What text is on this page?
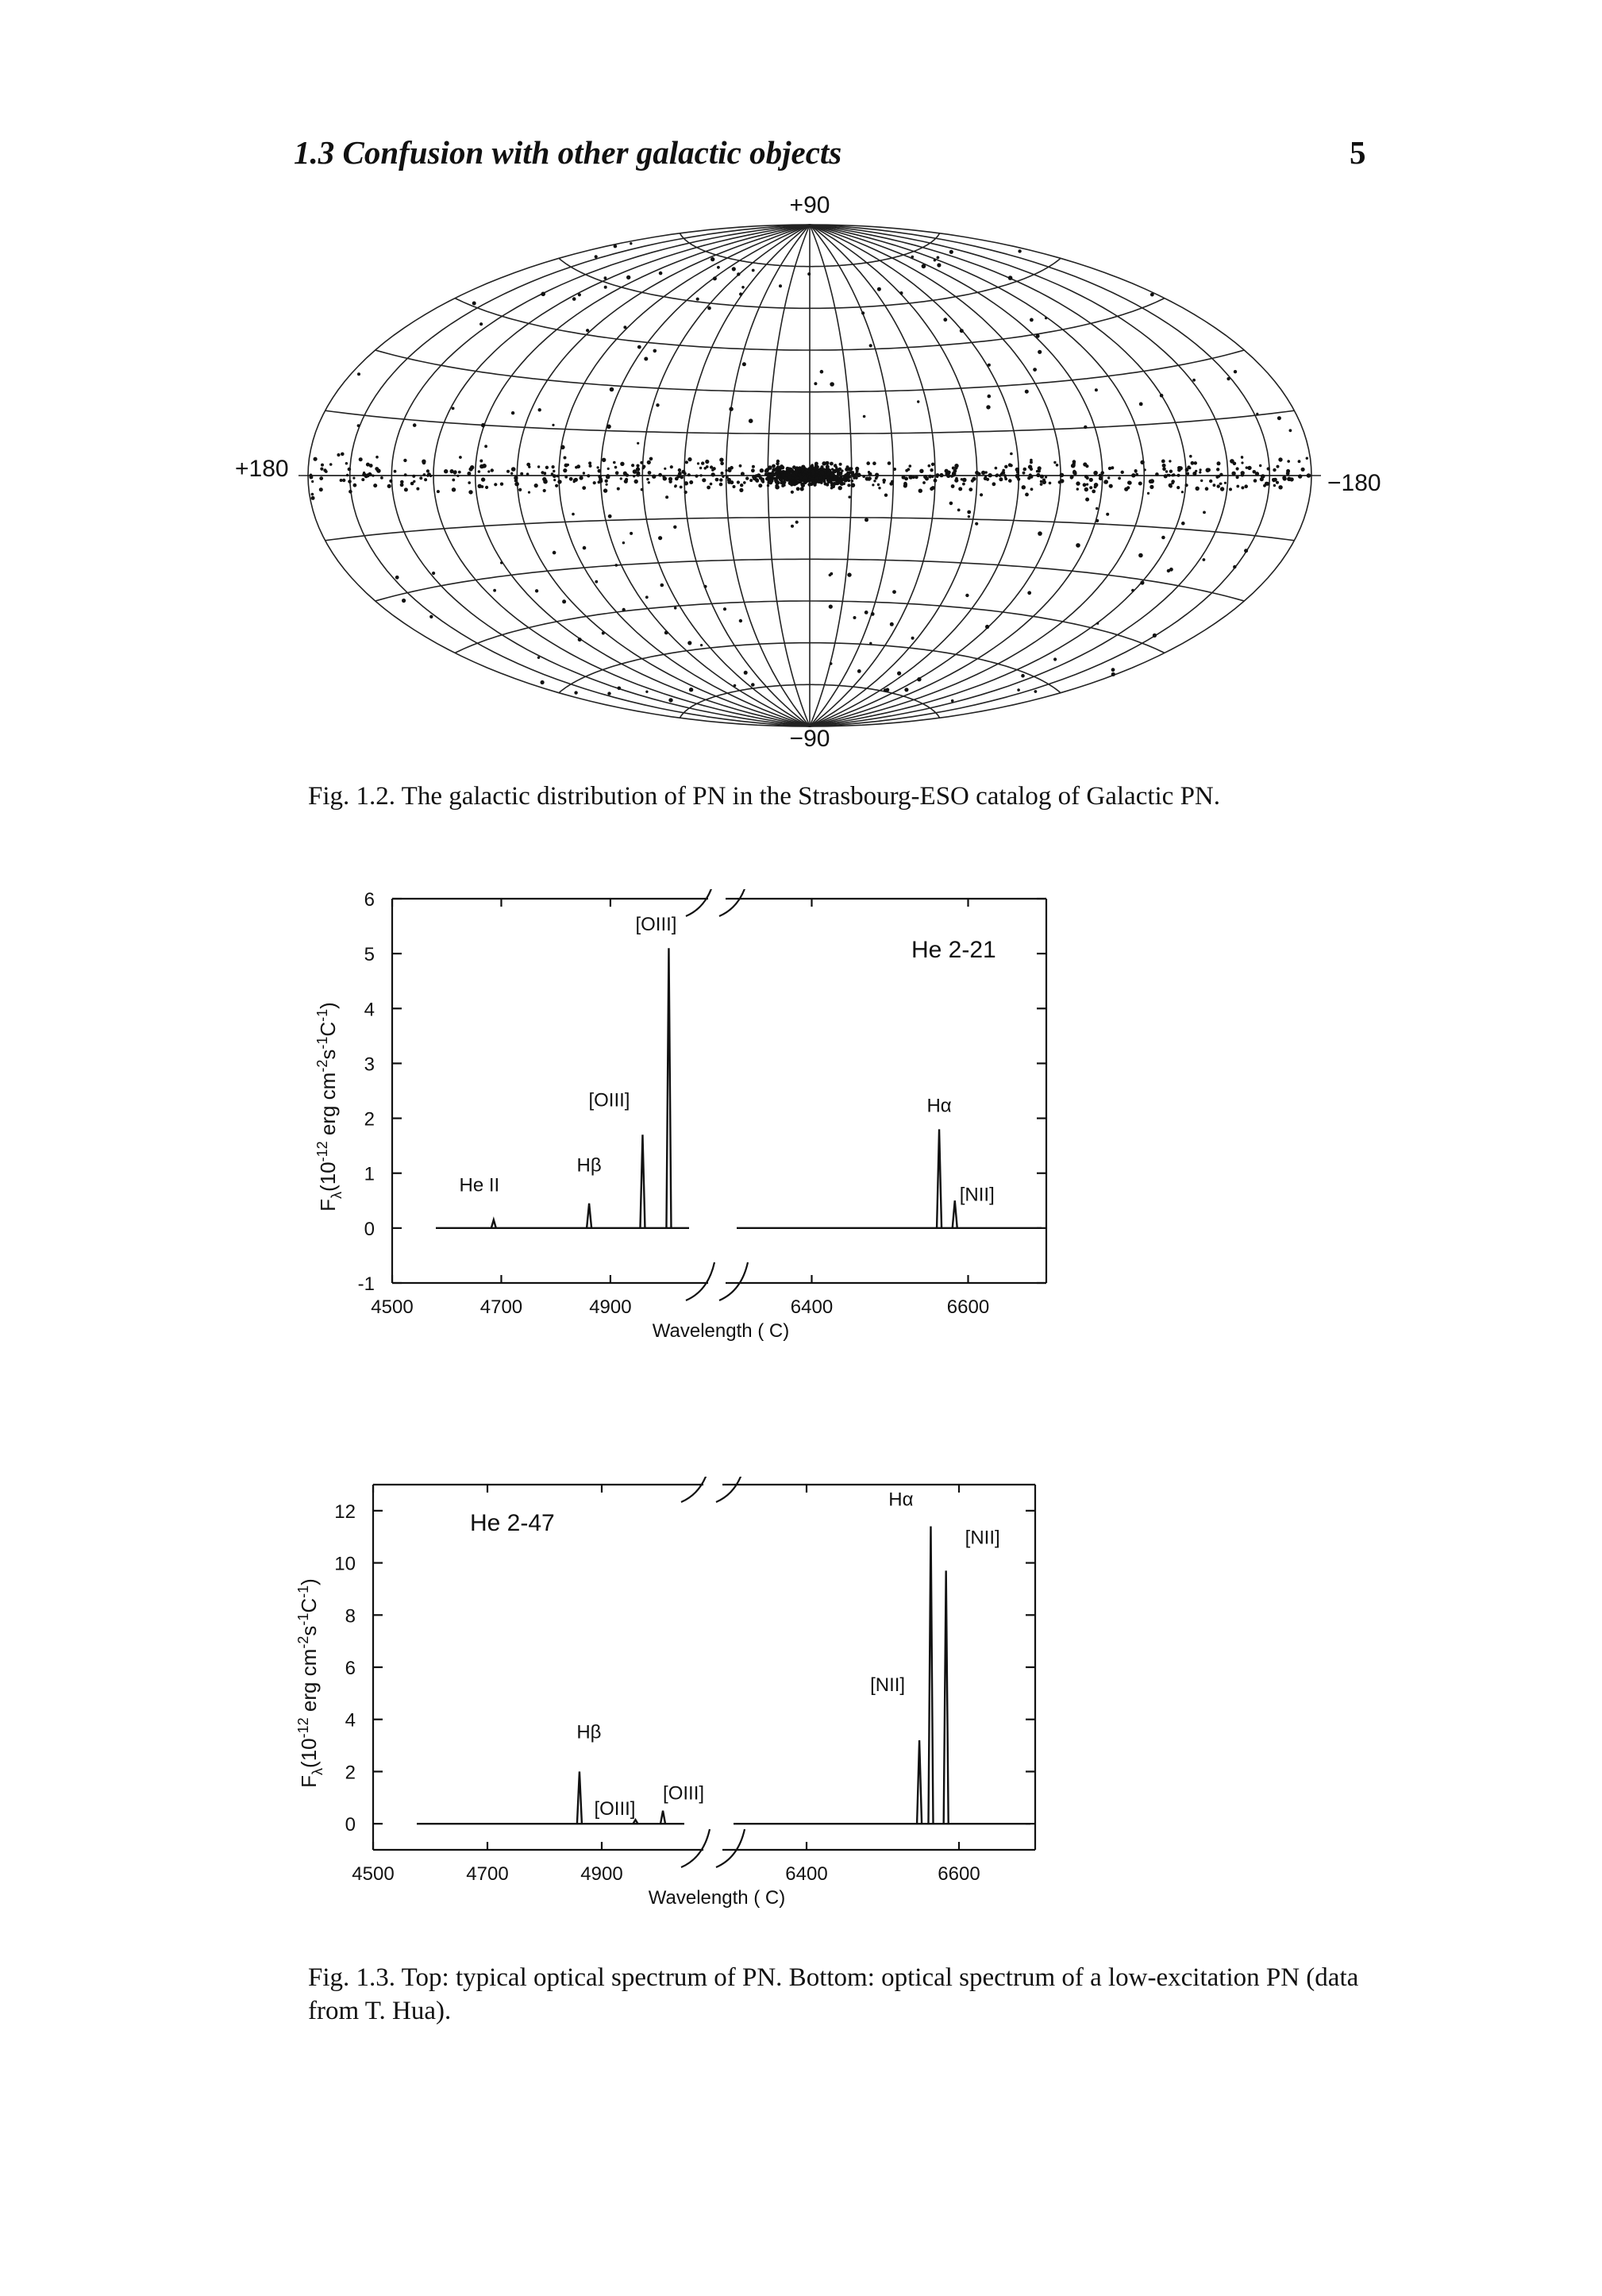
1.3 Confusion with other galactic objects	5
+90
−90
+180
−180
Fig. 1.2. The galactic distribution of PN in the Strasbourg-ESO catalog of Galactic PN.
-1
0
1
2
3
4
5
6
4500	4700	4900	6400	6600
Wavelength ( C)
$F_\lambda(10^{-12}$ erg $cm^{-2}s^{-1}C^{-1}$)
He 2-21
He II
Hβ
[OIII]
[OIII]
Hα
[NII]
0
2
4
6
8
10
12
4500	4700	4900	6400	6600
Wavelength ( C)
$F_\lambda(10^{-12}$ erg $cm^{-2}s^{-1}C^{-1}$)
He 2-47
Hβ
[OIII]
[OIII]
[NII]
Hα
[NII]
Fig. 1.3. Top: typical optical spectrum of PN. Bottom: optical spectrum of a low-excitation PN (data from T. Hua).
